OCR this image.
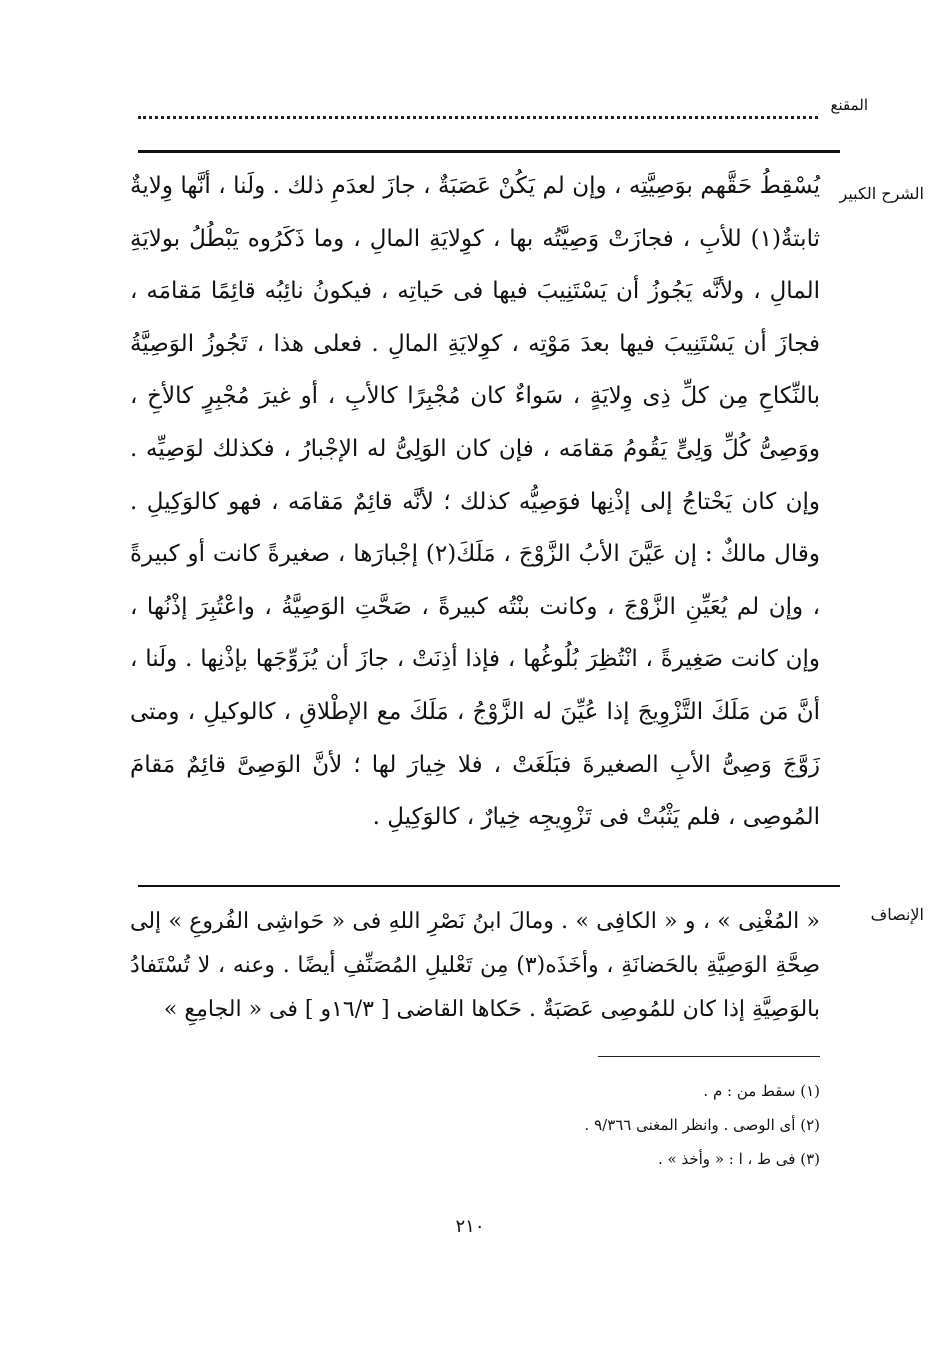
المقنع
الشرح الكبير

يُسْقِطُ حَقَّهم بوَصِيَّتِه ، وإن لم يَكُنْ عَصَبَةٌ ، جازَ لعدَمِ ذلك . ولَنا ، أنَّها وِلايةٌ ثابتةٌ(١) للأبِ ، فجازَتْ وَصِيَّتُه بها ، كوِلايَةِ المالِ ، وما ذَكَرُوه يَبْطُلُ بولايَةِ المالِ ، ولأنَّه يَجُوزُ أن يَسْتَنِيبَ فيها فى حَياتِه ، فيكونُ نائِبُه قائِمًا مَقامَه ، فجازَ أن يَسْتَنِيبَ فيها بعدَ مَوْتِه ، كوِلايَةِ المالِ . فعلى هذا ، تَجُوزُ الوَصِيَّةُ بالنِّكاحِ مِن كلِّ ذِى وِلايَةٍ ، سَواءٌ كان مُجْبِرًا كالأبِ ، أو غيرَ مُجْبِرٍ كالأخِ ، ووَصِىُّ كُلِّ وَلِىٍّ يَقُومُ مَقامَه ، فإن كان الوَلِىُّ له الإجْبارُ ، فكذلك لوَصِيِّه . وإن كان يَحْتاجُ إلى إذْنِها فوَصِيُّه كذلك ؛ لأنَّه قائِمٌ مَقامَه ، فهو كالوَكِيلِ . وقال مالكٌ : إن عَيَّنَ الأبُ الزَّوْجَ ، مَلَكَ(٢) إجْبارَها ، صغيرةً كانت أو كبيرةً ، وإن لم يُعَيِّنِ الزَّوْجَ ، وكانت بنْتُه كبيرةً ، صَحَّتِ الوَصِيَّةُ ، واعْتُبِرَ إذْنُها ، وإن كانت صَغِيرةً ، انْتُظِرَ بُلُوغُها ، فإذا أذِنَتْ ، جازَ أن يُزَوِّجَها بإذْنِها . ولَنا ، أنَّ مَن مَلَكَ التَّزْوِيجَ إذا عُيِّنَ له الزَّوْجُ ، مَلَكَ مع الإطْلاقِ ، كالوكيلِ ، ومتى زَوَّجَ وَصِىُّ الأبِ الصغيرةَ فبَلَغَتْ ، فلا خِيارَ لها ؛ لأنَّ الوَصِىَّ قائِمٌ مَقامَ المُوصِى ، فلم يَثْبُتْ فى تَزْوِيجِه خِيارٌ ، كالوَكِيلِ .

الإنصاف

« المُغْنِى » ، و « الكافِى » . ومالَ ابنُ نَصْرِ اللهِ فى « حَواشِى الفُروعِ » إلى صِحَّةِ الوَصِيَّةِ بالحَضانَةِ ، وأخَذَه(٣) مِن تَعْليلِ المُصَنِّفِ أيضًا . وعنه ، لا تُسْتَفادُ بالوَصِيَّةِ إذا كان للمُوصِى عَصَبَةٌ . حَكاها القاضى [ ١٦/٣و ] فى « الجامِعِ »

(١) سقط من : م .
(٢) أى الوصى . وانظر المغنى ٩/٣٦٦ .
(٣) فى ط ، ا : « وأخذ » .
٢١٠
